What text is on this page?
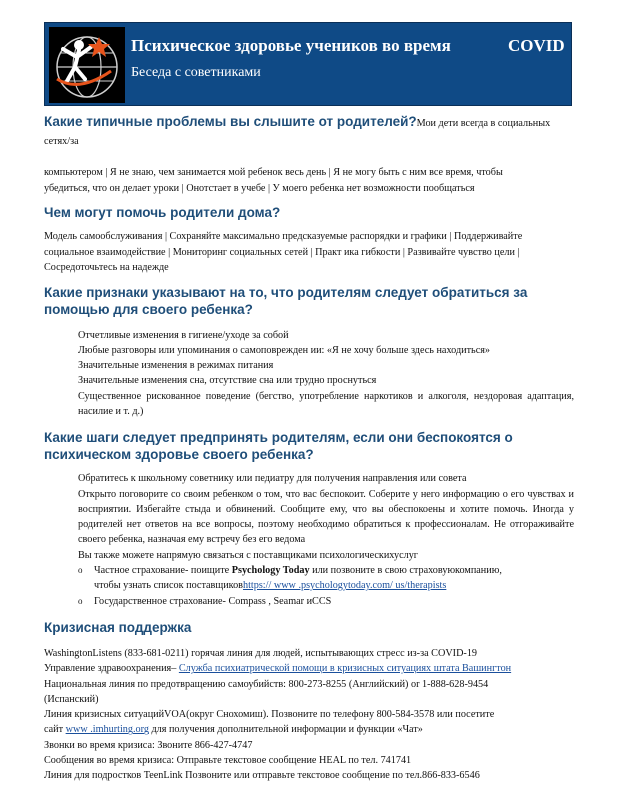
Психическое здоровье учеников во время	COVID
Беседа с советниками

Какие типичные проблемы вы слышите от родителей?Мои дети всегда в социальных сетях/за

компьютером | Я не знаю, чем занимается мой ребенок весь день | Я не могу быть с ним все время, чтобы

убедиться, что он делает уроки | Онотстает в учебе | У моего ребенка нет возможности пообщаться

Чем могут помочь родители дома?

Модель самообслуживания | Сохраняйте максимально предсказуемые распорядки и графики | Поддерживайте

социальное взаимодействие | Мониторинг социальных сетей | Практ ика гибкости | Развивайте чувство цели |

Сосредоточьтесь на надежде

Какие признаки указывают на то, что родителям следует обратиться за помощью для своего ребенка?
Отчетливые изменения в гигиене/уходе за собой
Любые разговоры или упоминания о самоповрежден ии: «Я не хочу больше здесь находиться»
Значительные изменения в режимах питания
Значительные изменения сна, отсутствие сна или трудно проснуться
Существенное рискованное поведение (бегство, употребление наркотиков и алкоголя, нездоровая адаптация, насилие и т. д.)
Какие шаги следует предпринять родителям, если они беспокоятся о психическом здоровье своего ребенка?
Обратитесь к школьному советнику или педиатру для получения направления или совета
Открыто поговорите со своим ребенком о том, что вас беспокоит. Соберите у него информацию о его чувствах и восприятии. Избегайте стыда и обвинений. Сообщите ему, что вы обеспокоены и хотите помочь. Иногда у родителей нет ответов на все вопросы, поэтому необходимо обратиться к профессионалам. Не отгораживайте своего ребенка, назначая ему встречу без его ведома
Вы также можете напрямую связаться с поставщиками психологическихуслуг
o Частное страхование- поищите Psychology Today или позвоните в свою страховуюкомпанию,
чтобы узнать список поставщиковhttps:// www .psychologytoday.com/ us/therapists
o Государственное страхование- Compass , Seamar иCCS
Кризисная поддержка

WashingtonListens (833-681-0211) горячая линия для людей, испытывающих стресс из-за COVID-19

Управление здравоохранения– Служба психиатрической помощи в кризисных ситуациях штата Вашингтон

Национальная линия по предотвращению самоубийств: 800-273-8255 (Английский) or 1-888-628-9454

(Испанский)

Линия кризисных ситуацийVOA(округ Снохомиш). Позвоните по телефону 800-584-3578 или посетите

сайт www .imhurting.org для получения дополнительной информации и функции «Чат»

Звонки во время кризиса: Звоните 866-427-4747

Сообщения во время кризиса: Отправьте текстовое сообщение HEAL по тел. 741741

Линия для подростков TeenLink Позвоните или отправьте текстовое сообщение по тел.866-833-6546
